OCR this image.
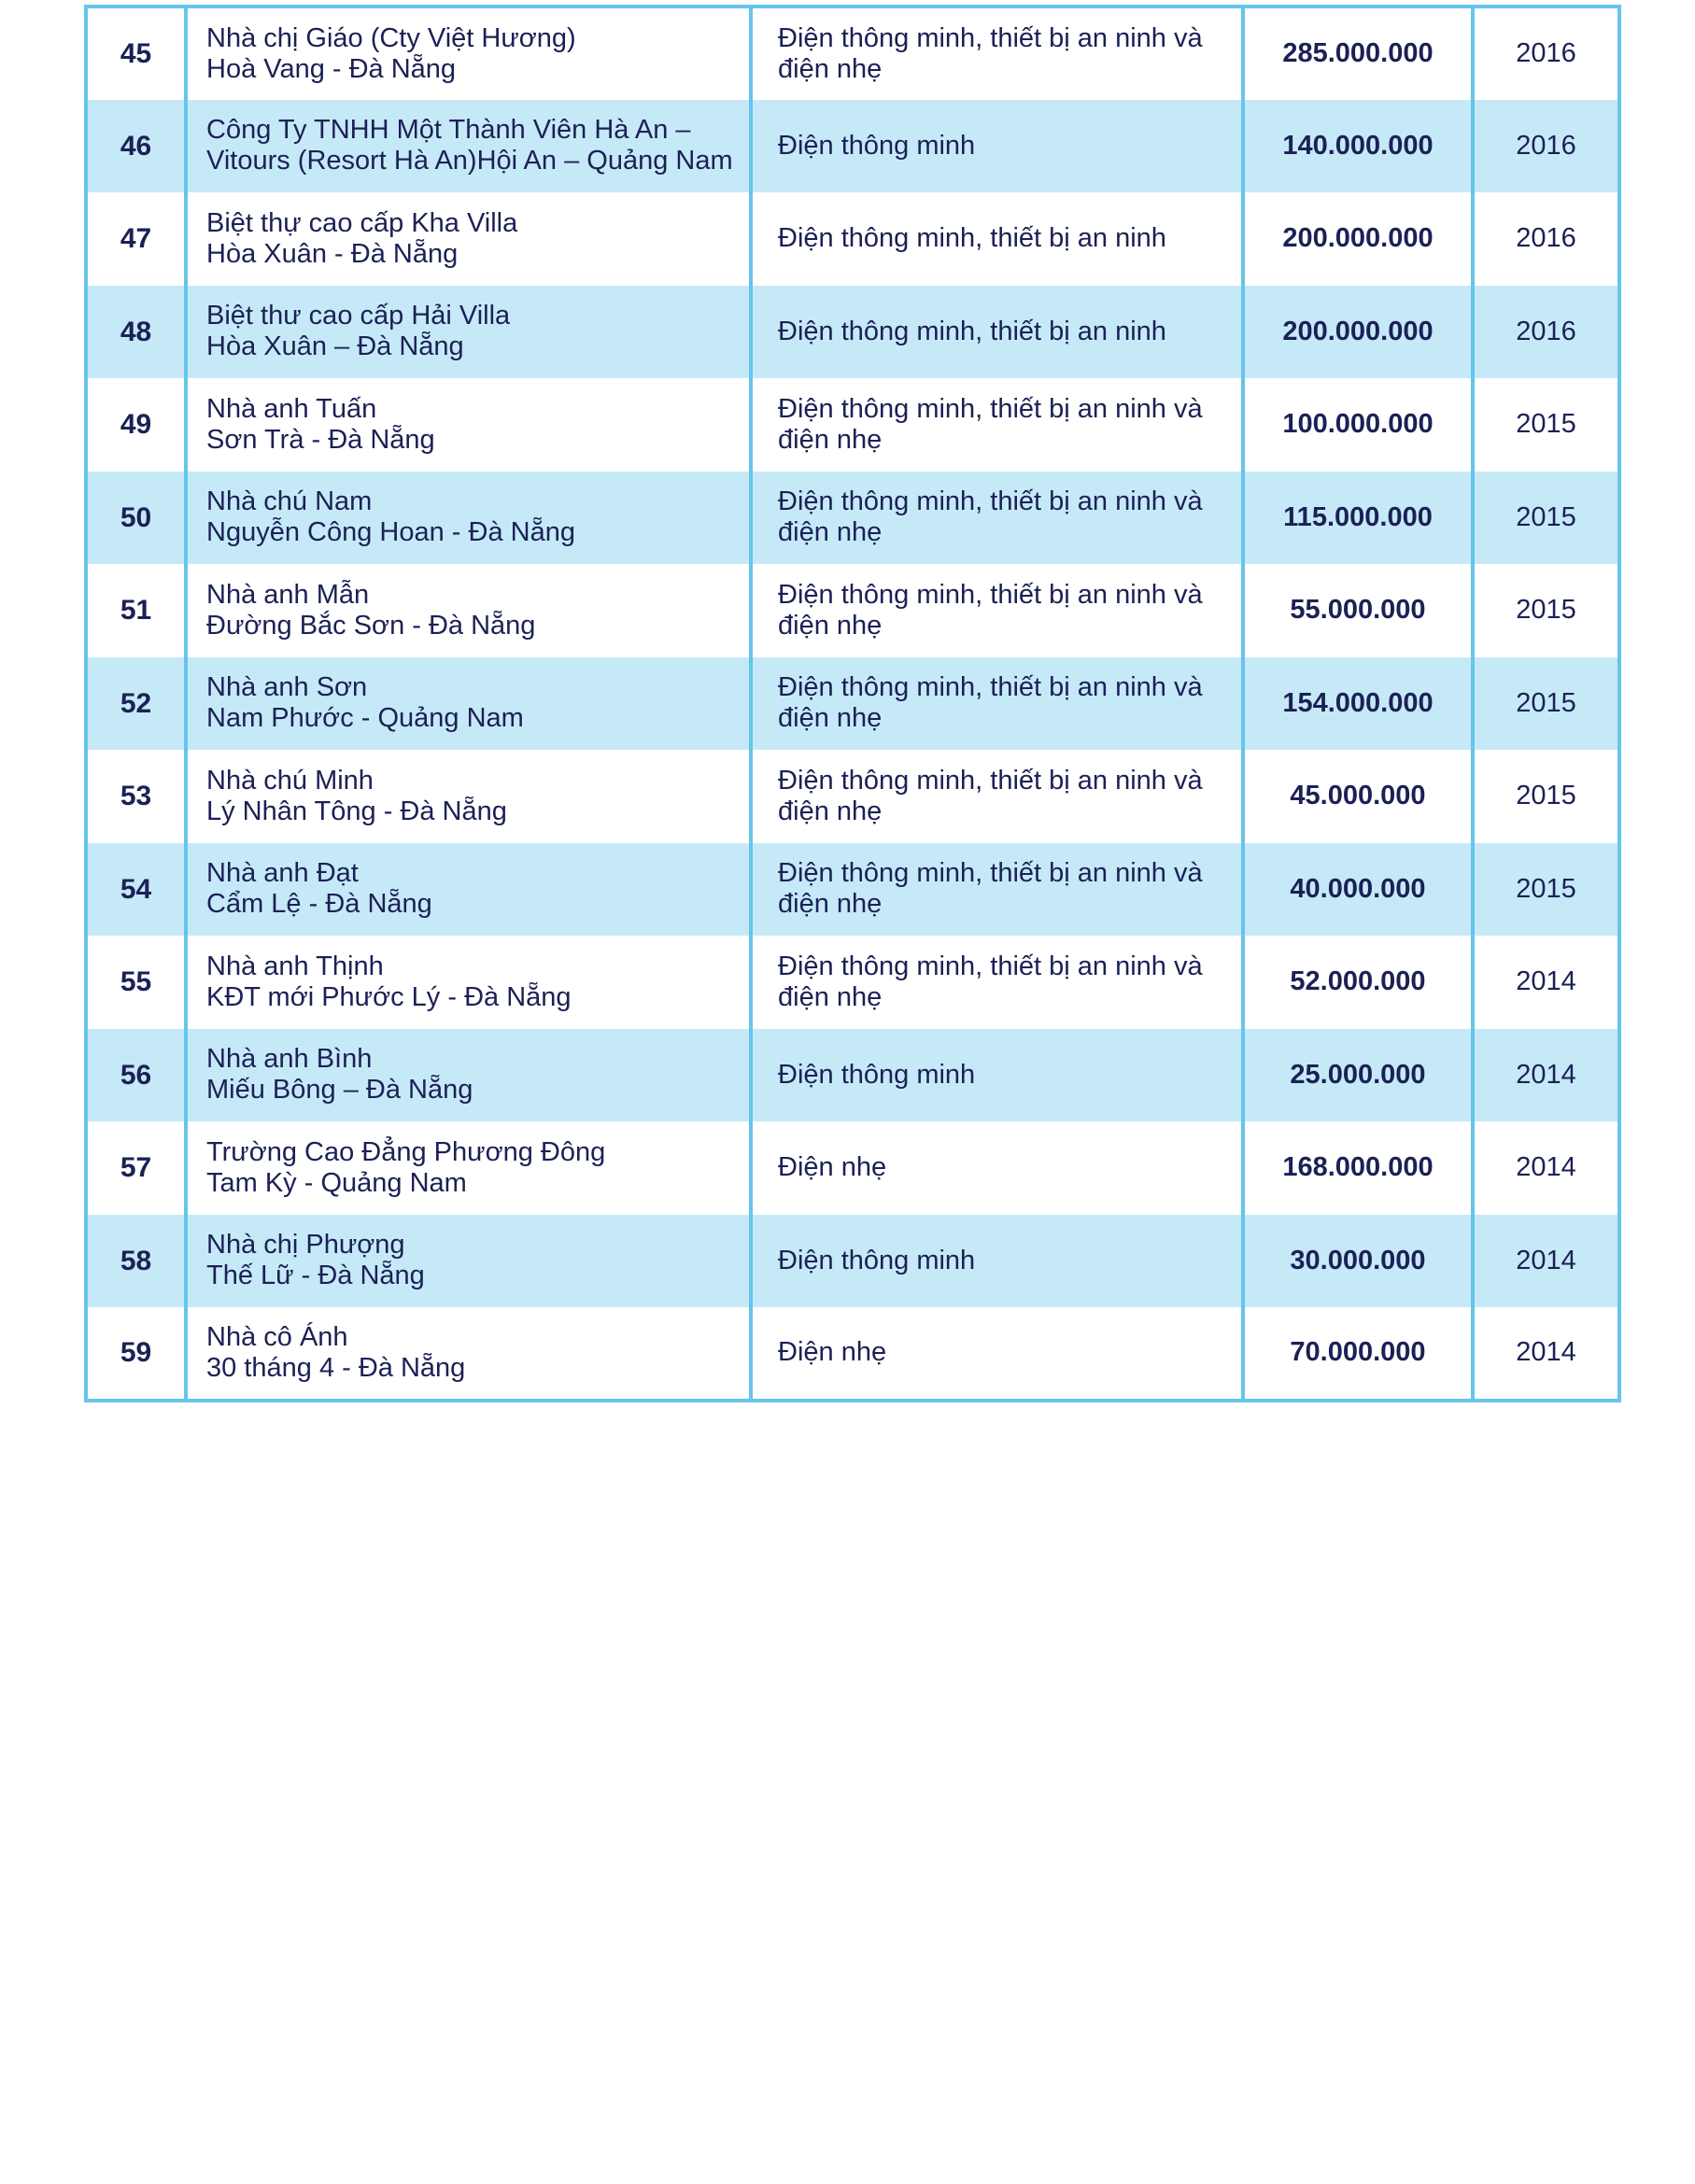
45	Nhà chị Giáo (Cty Việt Hương)
Hoà Vang - Đà Nẵng	Điện thông minh, thiết bị an ninh và điện nhẹ	285.000.000	2016
46	Công Ty TNHH Một Thành Viên Hà An –
Vitours (Resort Hà An)Hội An – Quảng Nam	Điện thông minh	140.000.000	2016
47	Biệt thự cao cấp Kha Villa
Hòa Xuân - Đà Nẵng	Điện thông minh, thiết bị an ninh	200.000.000	2016
48	Biệt thư cao cấp Hải Villa
Hòa Xuân – Đà Nẵng	Điện thông minh, thiết bị an ninh	200.000.000	2016
49	Nhà anh Tuấn
Sơn Trà - Đà Nẵng	Điện thông minh, thiết bị an ninh và điện nhẹ	100.000.000	2015
50	Nhà chú Nam
Nguyễn Công Hoan - Đà Nẵng	Điện thông minh, thiết bị an ninh và điện nhẹ	115.000.000	2015
51	Nhà anh Mẫn
Đường Bắc Sơn - Đà Nẵng	Điện thông minh, thiết bị an ninh và điện nhẹ	55.000.000	2015
52	Nhà anh Sơn
Nam Phước - Quảng Nam	Điện thông minh, thiết bị an ninh và điện nhẹ	154.000.000	2015
53	Nhà chú Minh
Lý Nhân Tông - Đà Nẵng	Điện thông minh, thiết bị an ninh và điện nhẹ	45.000.000	2015
54	Nhà anh Đạt
Cẩm Lệ - Đà Nẵng	Điện thông minh, thiết bị an ninh và điện nhẹ	40.000.000	2015
55	Nhà anh Thịnh
KĐT mới Phước Lý - Đà Nẵng	Điện thông minh, thiết bị an ninh và điện nhẹ	52.000.000	2014
56	Nhà anh Bình
Miếu Bông – Đà Nẵng	Điện thông minh	25.000.000	2014
57	Trường Cao Đẳng Phương Đông
Tam Kỳ - Quảng Nam	Điện nhẹ	168.000.000	2014
58	Nhà chị Phượng
Thế Lữ - Đà Nẵng	Điện thông minh	30.000.000	2014
59	Nhà cô Ánh
30 tháng 4 - Đà Nẵng	Điện nhẹ	70.000.000	2014
